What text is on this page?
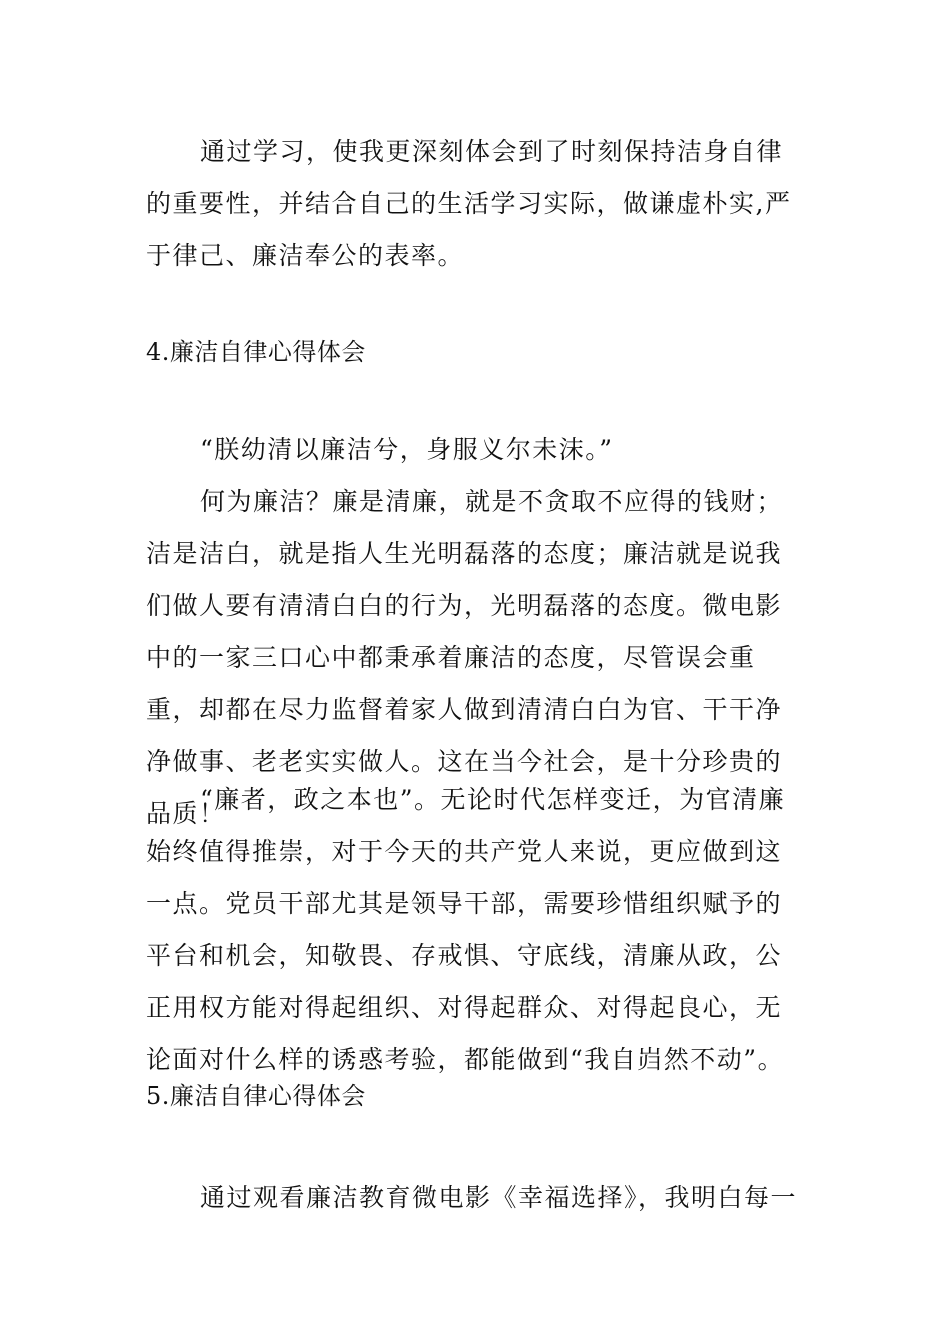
通过学习，使我更深刻体会到了时刻保持洁身自律的重要性，并结合自己的生活学习实际，做谦虚朴实,严于律己、廉洁奉公的表率。

4.廉洁自律心得体会

“朕幼清以廉洁兮，身服义尔未沫。”

何为廉洁？廉是清廉，就是不贪取不应得的钱财；洁是洁白，就是指人生光明磊落的态度；廉洁就是说我们做人要有清清白白的行为，光明磊落的态度。微电影中的一家三口心中都秉承着廉洁的态度，尽管误会重重，却都在尽力监督着家人做到清清白白为官、干干净净做事、老老实实做人。这在当今社会，是十分珍贵的品质！

“廉者，政之本也”。无论时代怎样变迁，为官清廉始终值得推崇，对于今天的共产党人来说，更应做到这一点。党员干部尤其是领导干部，需要珍惜组织赋予的平台和机会，知敬畏、存戒惧、守底线，清廉从政，公正用权方能对得起组织、对得起群众、对得起良心，无论面对什么样的诱惑考验，都能做到“我自岿然不动”。

5.廉洁自律心得体会

通过观看廉洁教育微电影《幸福选择》，我明白每一
